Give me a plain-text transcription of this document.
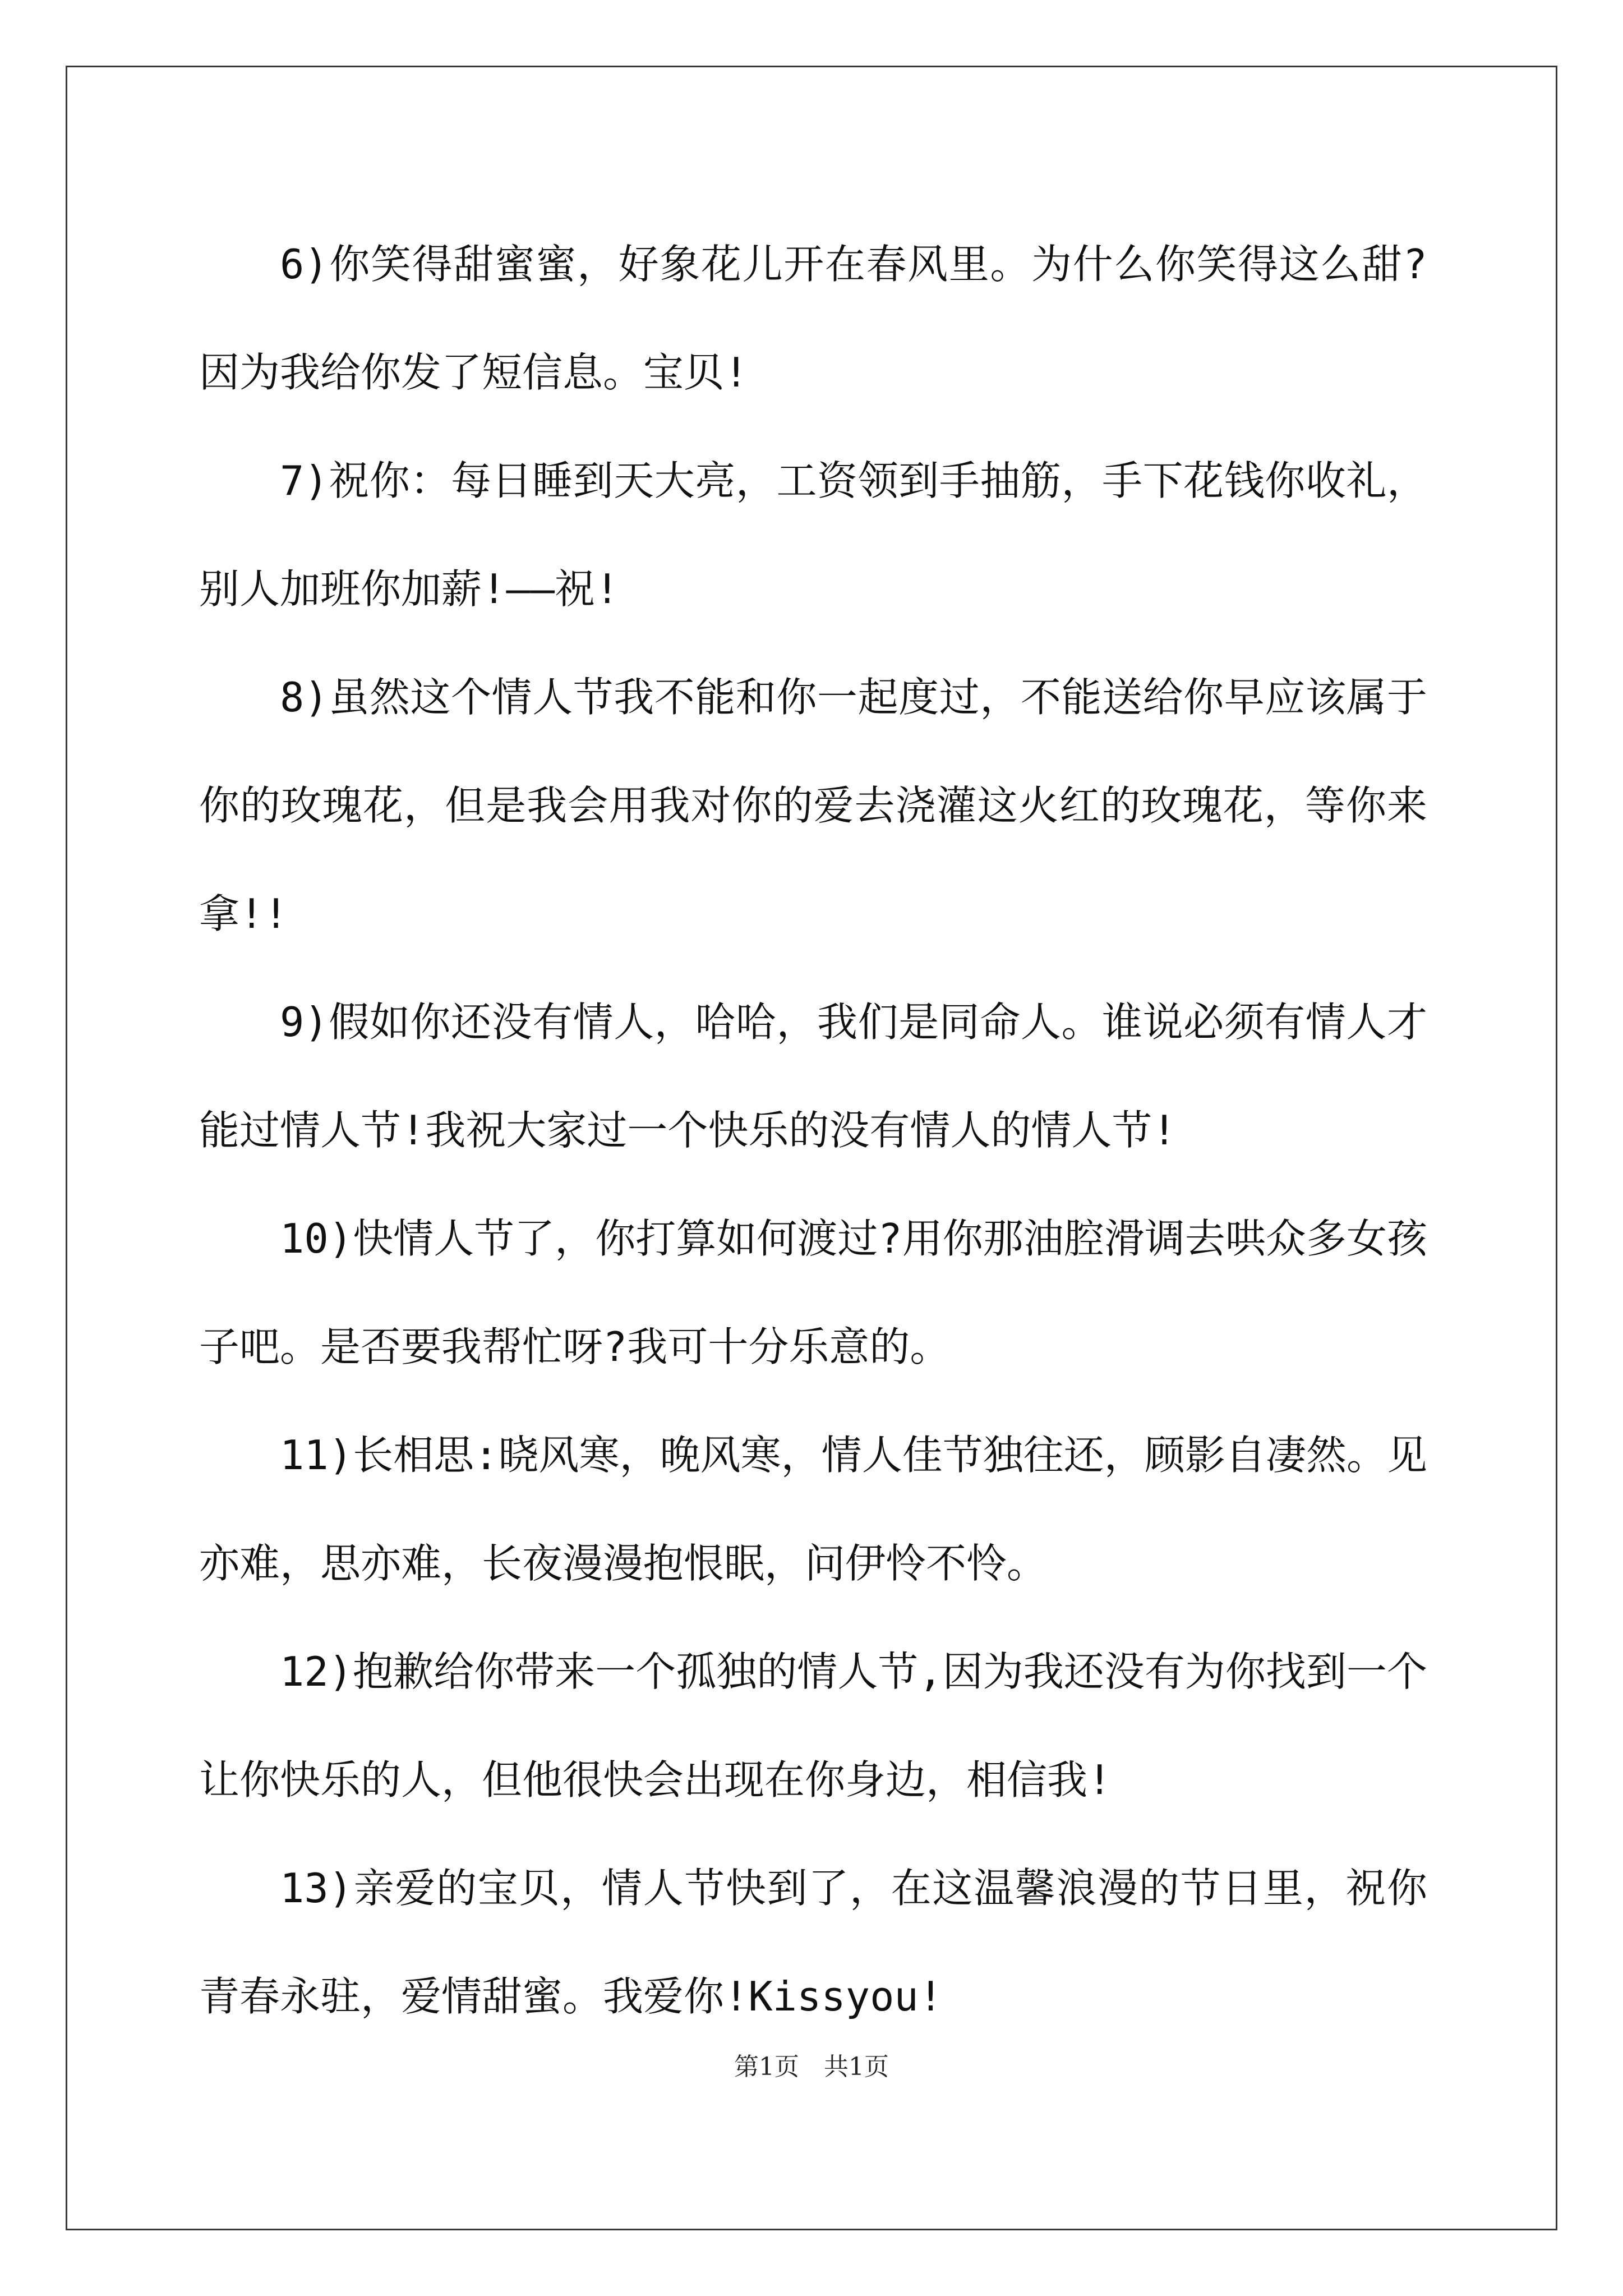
6)你笑得甜蜜蜜，好象花儿开在春风里。为什么你笑得这么甜?因为我给你发了短信息。宝贝!

7)祝你：每日睡到天大亮，工资领到手抽筋，手下花钱你收礼，别人加班你加薪!——祝!

8)虽然这个情人节我不能和你一起度过，不能送给你早应该属于你的玫瑰花，但是我会用我对你的爱去浇灌这火红的玫瑰花，等你来拿!!

9)假如你还没有情人，哈哈，我们是同命人。谁说必须有情人才能过情人节!我祝大家过一个快乐的没有情人的情人节!

10)快情人节了，你打算如何渡过?用你那油腔滑调去哄众多女孩子吧。是否要我帮忙呀?我可十分乐意的。

11)长相思:晓风寒，晚风寒，情人佳节独往还，顾影自凄然。见亦难，思亦难，长夜漫漫抱恨眠，问伊怜不怜。

12)抱歉给你带来一个孤独的情人节,因为我还没有为你找到一个让你快乐的人，但他很快会出现在你身边，相信我!

13)亲爱的宝贝，情人节快到了，在这温馨浪漫的节日里，祝你青春永驻，爱情甜蜜。我爱你!Kissyou!

第1页　共1页
